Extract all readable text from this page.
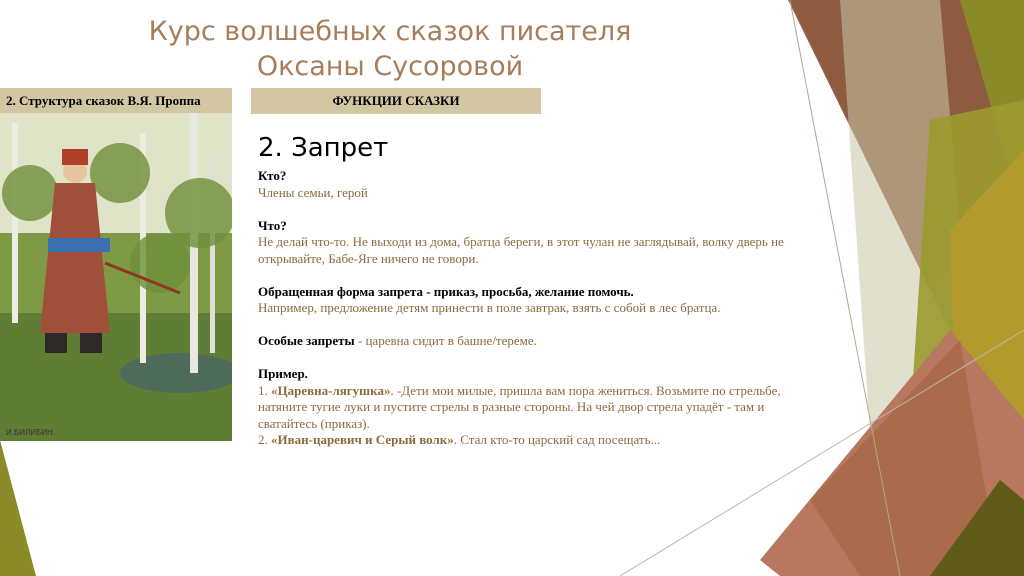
Курс волшебных сказок писателя
Оксаны Сусоровой
2. Структура сказок В.Я. Проппа
И.БИЛИБИН.
ФУНКЦИИ СКАЗКИ
2. Запрет

Кто?
Члены семьи, герой

Что?
Не делай что-то. Не выходи из дома, братца береги, в этот чулан не заглядывай, волку дверь не открывайте, Бабе-Яге ничего не говори.

Обращенная форма запрета - приказ, просьба, желание помочь.
Например, предложение детям принести в поле завтрак, взять с собой в лес братца.

Особые запреты - царевна сидит в башне/тереме.

Пример.
1. «Царевна-лягушка». -Дети мои милые, пришла вам пора жениться. Возьмите по стрельбе, натяните тугие луки и пустите стрелы в разные стороны. На чей двор стрела упадёт - там и сватайтесь (приказ).
2. «Иван-царевич и Серый волк». Стал кто-то царский сад посещать...
